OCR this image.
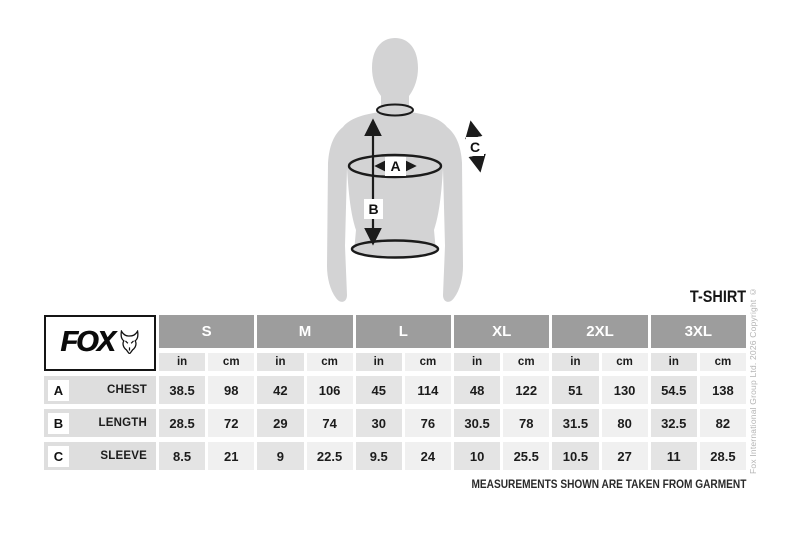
A
B
C
T-SHIRT
FOX	S	M	L	XL	2XL	3XL
in	cm	in	cm	in	cm	in	cm	in	cm	in	cm
A	CHEST	38.5	98	42	106	45	114	48	122	51	130	54.5	138
B	LENGTH	28.5	72	29	74	30	76	30.5	78	31.5	80	32.5	82
C	SLEEVE	8.5	21	9	22.5	9.5	24	10	25.5	10.5	27	11	28.5
MEASUREMENTS SHOWN ARE TAKEN FROM GARMENT
Fox International Group Ltd. 2026 Copyright ©
